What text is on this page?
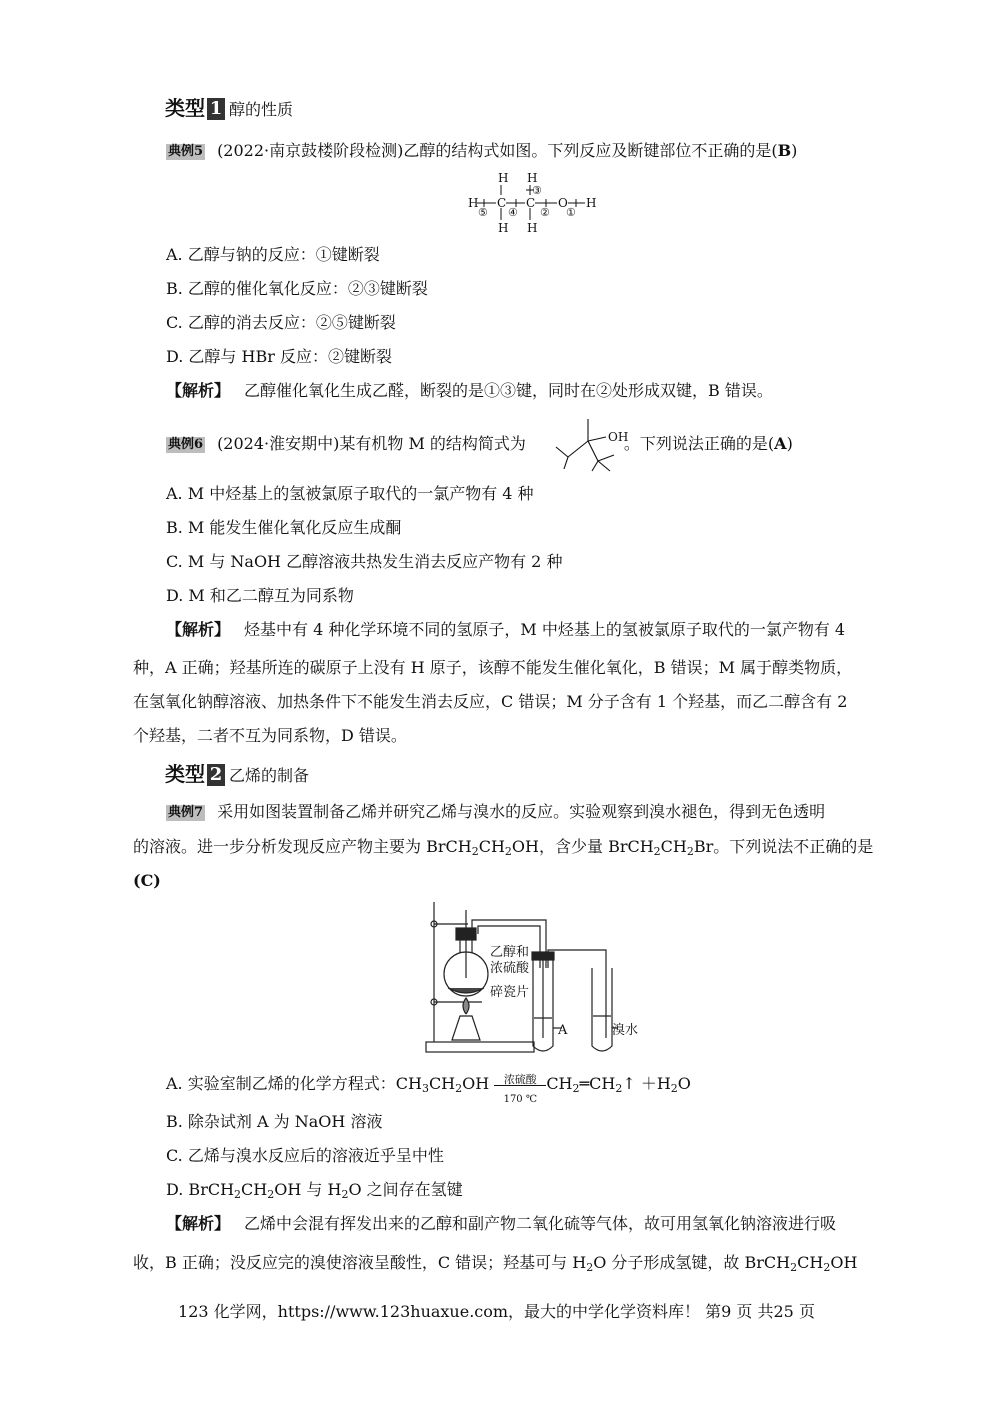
类型 1 醇的性质
典例5 (2022·南京鼓楼阶段检测)乙醇的结构式如图。下列反应及断键部位不正确的是(B)
H C C O H
H H
H H
⑤ ④ ②
③
①
A. 乙醇与钠的反应：①键断裂
B. 乙醇的催化氧化反应：②③键断裂
C. 乙醇的消去反应：②⑤键断裂
D. 乙醇与 HBr 反应：②键断裂
【解析】 乙醇催化氧化生成乙醛，断裂的是①③键，同时在②处形成双键，B 错误。
典例6 (2024·淮安期中)某有机物 M 的结构简式为	。下列说法正确的是(A)
OH
A. M 中烃基上的氢被氯原子取代的一氯产物有 4 种
B. M 能发生催化氧化反应生成酮
C. M 与 NaOH 乙醇溶液共热发生消去反应产物有 2 种
D. M 和乙二醇互为同系物
【解析】 烃基中有 4 种化学环境不同的氢原子，M 中烃基上的氢被氯原子取代的一氯产物有 4
种，A 正确；羟基所连的碳原子上没有 H 原子，该醇不能发生催化氧化，B 错误；M 属于醇类物质，
在氢氧化钠醇溶液、加热条件下不能发生消去反应，C 错误；M 分子含有 1 个羟基，而乙二醇含有 2
个羟基，二者不互为同系物，D 错误。
类型 2 乙烯的制备
典例7 采用如图装置制备乙烯并研究乙烯与溴水的反应。实验观察到溴水褪色，得到无色透明
的溶液。进一步分析发现反应产物主要为 $BrCH_2CH_2OH$，含少量 $BrCH_2CH_2Br$。下列说法不正确的是
(C)
乙醇和
浓硫酸
碎瓷片
A	溴水
A. 实验室制乙烯的化学方程式：$CH_3CH_2OH$	浓硫酸
170 ℃
$CH_2═CH_2↑ +H_2O$
B. 除杂试剂 A 为 NaOH 溶液
C. 乙烯与溴水反应后的溶液近乎呈中性
D. $BrCH_2CH_2OH$ 与 $H_2O$ 之间存在氢键
【解析】 乙烯中会混有挥发出来的乙醇和副产物二氧化硫等气体，故可用氢氧化钠溶液进行吸
收，B 正确；没反应完的溴使溶液呈酸性，C 错误；羟基可与 $H_2O$ 分子形成氢键，故 $BrCH_2CH_2OH$
123 化学网，https://www.123huaxue.com，最大的中学化学资料库！ 第9 页 共25 页
